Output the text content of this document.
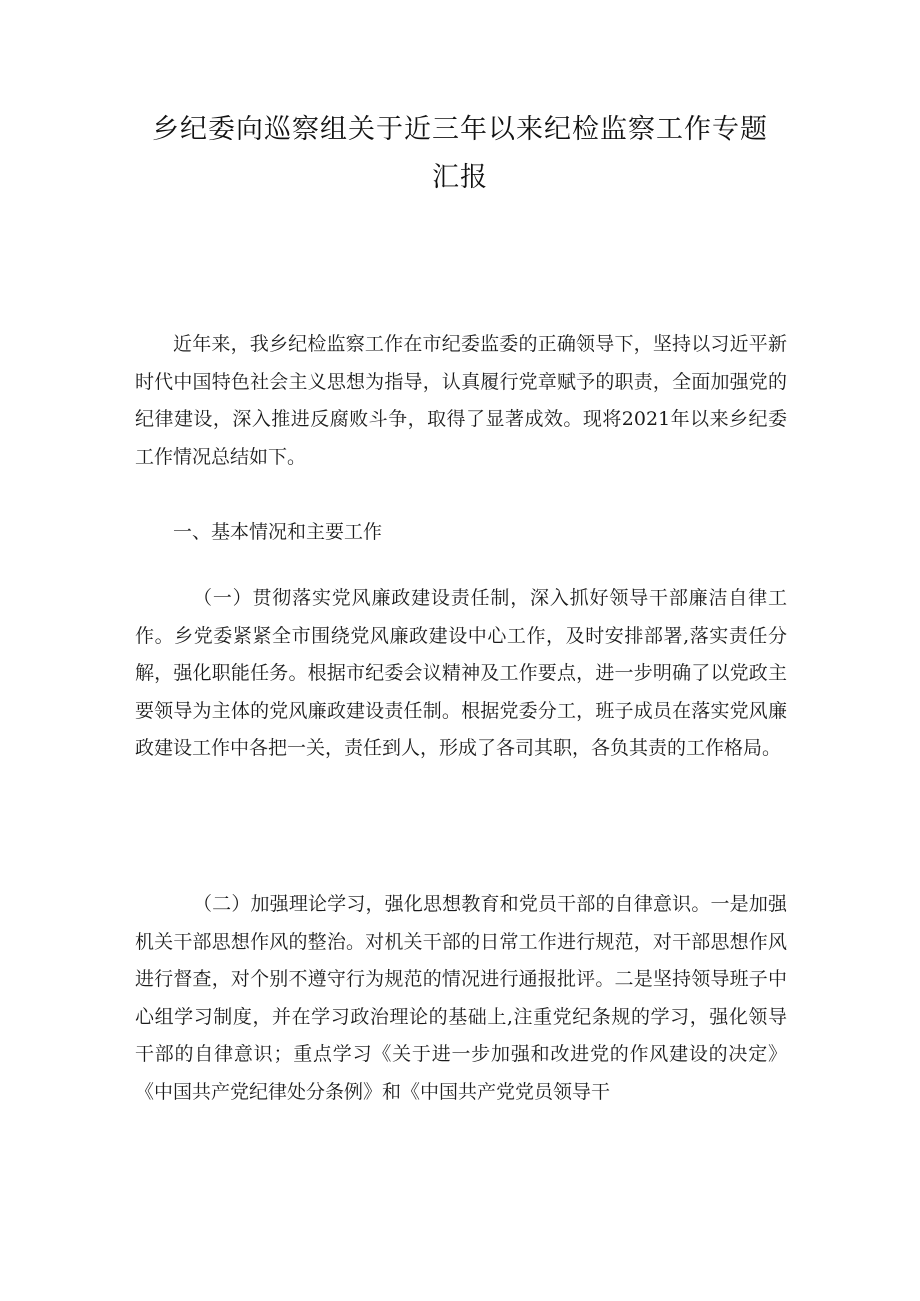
乡纪委向巡察组关于近三年以来纪检监察工作专题汇报

近年来，我乡纪检监察工作在市纪委监委的正确领导下，坚持以习近平新时代中国特色社会主义思想为指导，认真履行党章赋予的职责，全面加强党的纪律建设，深入推进反腐败斗争，取得了显著成效。现将2021年以来乡纪委工作情况总结如下。

一、基本情况和主要工作

（一）贯彻落实党风廉政建设责任制，深入抓好领导干部廉洁自律工作。乡党委紧紧全市围绕党风廉政建设中心工作，及时安排部署,落实责任分解，强化职能任务。根据市纪委会议精神及工作要点，进一步明确了以党政主要领导为主体的党风廉政建设责任制。根据党委分工，班子成员在落实党风廉政建设工作中各把一关，责任到人，形成了各司其职，各负其责的工作格局。

（二）加强理论学习，强化思想教育和党员干部的自律意识。一是加强机关干部思想作风的整治。对机关干部的日常工作进行规范，对干部思想作风进行督查，对个别不遵守行为规范的情况进行通报批评。二是坚持领导班子中心组学习制度，并在学习政治理论的基础上,注重党纪条规的学习，强化领导干部的自律意识；重点学习《关于进一步加强和改进党的作风建设的决定》《中国共产党纪律处分条例》和《中国共产党党员领导干
